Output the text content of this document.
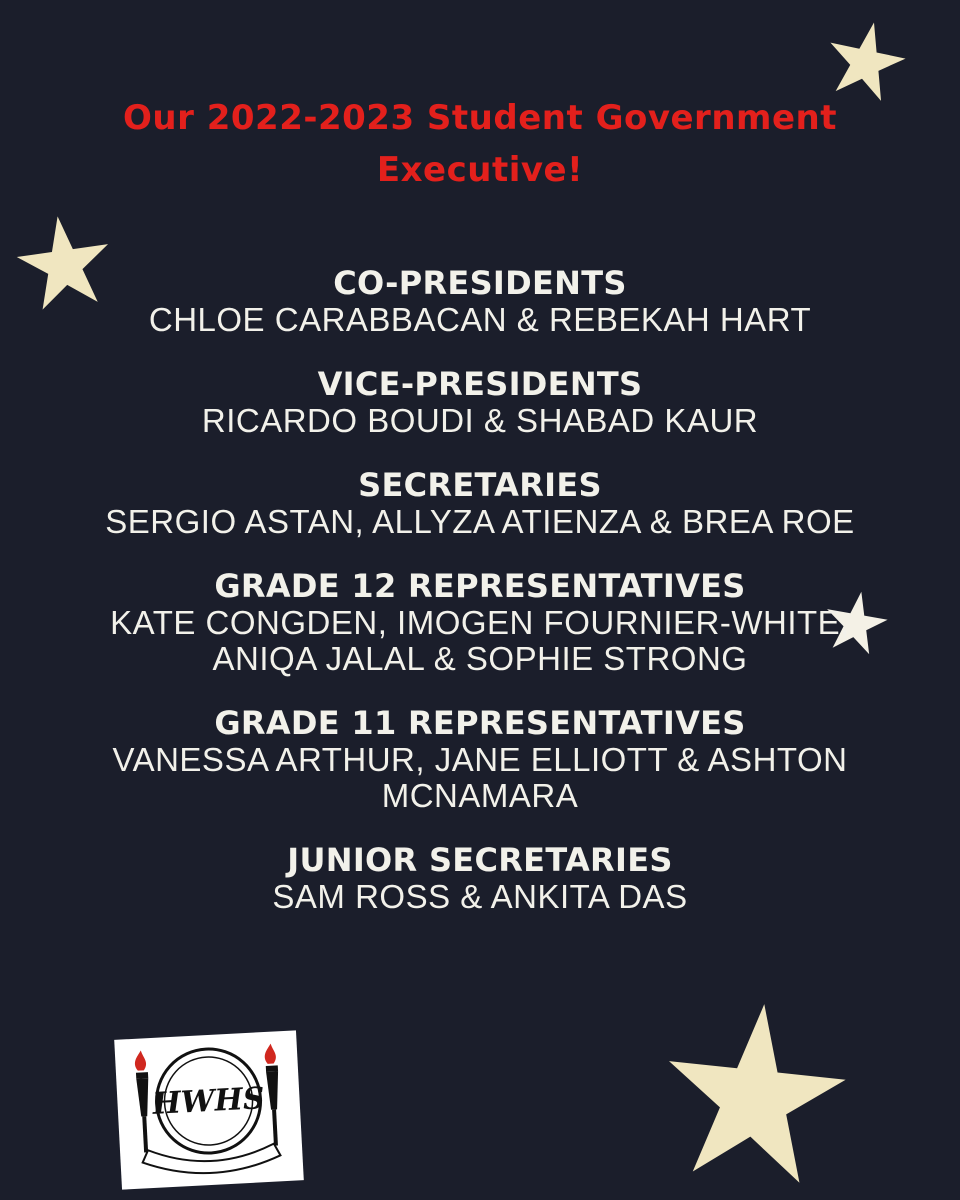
Our 2022-2023 Student Government
Executive!
CO-PRESIDENTS
CHLOE CARABBACAN & REBEKAH HART
VICE-PRESIDENTS
RICARDO BOUDI & SHABAD KAUR
SECRETARIES
SERGIO ASTAN, ALLYZA ATIENZA & BREA ROE
GRADE 12 REPRESENTATIVES
KATE CONGDEN, IMOGEN FOURNIER-WHITE, ANIQA JALAL & SOPHIE STRONG
GRADE 11 REPRESENTATIVES
VANESSA ARTHUR, JANE ELLIOTT & ASHTON MCNAMARA
JUNIOR SECRETARIES
SAM ROSS & ANKITA DAS
HWHS
